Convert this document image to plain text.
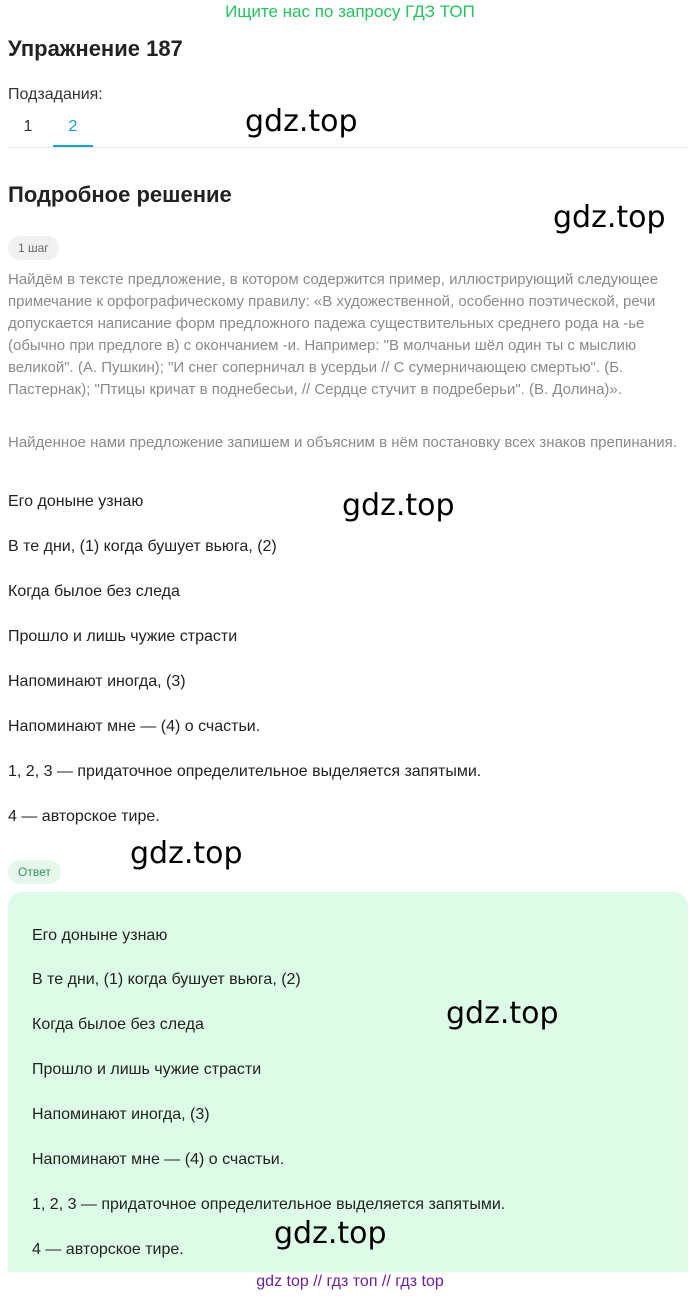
Ищите нас по запросу ГДЗ ТОП
Упражнение 187
Подзадания:
1	2	gdz.top
Подробное решение
gdz.top
1 шаг
Найдём в тексте предложение, в котором содержится пример, иллюстрирующий следующее примечание к орфографическому правилу: «В художественной, особенно поэтической, речи допускается написание форм предложного падежа существительных среднего рода на -ье (обычно при предлоге в) с окончанием -и. Например: "В молчаньи шёл один ты с мыслию великой". (А. Пушкин); "И снег соперничал в усердьи // С сумерничающею смертью". (Б. Пастернак); "Птицы кричат в поднебесьи, // Сердце стучит в подреберьи". (В. Долина)».
Найденное нами предложение запишем и объясним в нём постановку всех знаков препинания.
Его доныне узнаю	gdz.top
В те дни, (1) когда бушует вьюга, (2)
Когда былое без следа
Прошло и лишь чужие страсти
Напоминают иногда, (3)
Напоминают мне — (4) о счастьи.
1, 2, 3 — придаточное определительное выделяется запятыми.
4 — авторское тире.
gdz.top
Ответ
Его доныне узнаю
В те дни, (1) когда бушует вьюга, (2)
Когда былое без следа	gdz.top
Прошло и лишь чужие страсти
Напоминают иногда, (3)
Напоминают мне — (4) о счастьи.
1, 2, 3 — придаточное определительное выделяется запятыми.
gdz.top
4 — авторское тире.
gdz top // гдз топ // гдз top
